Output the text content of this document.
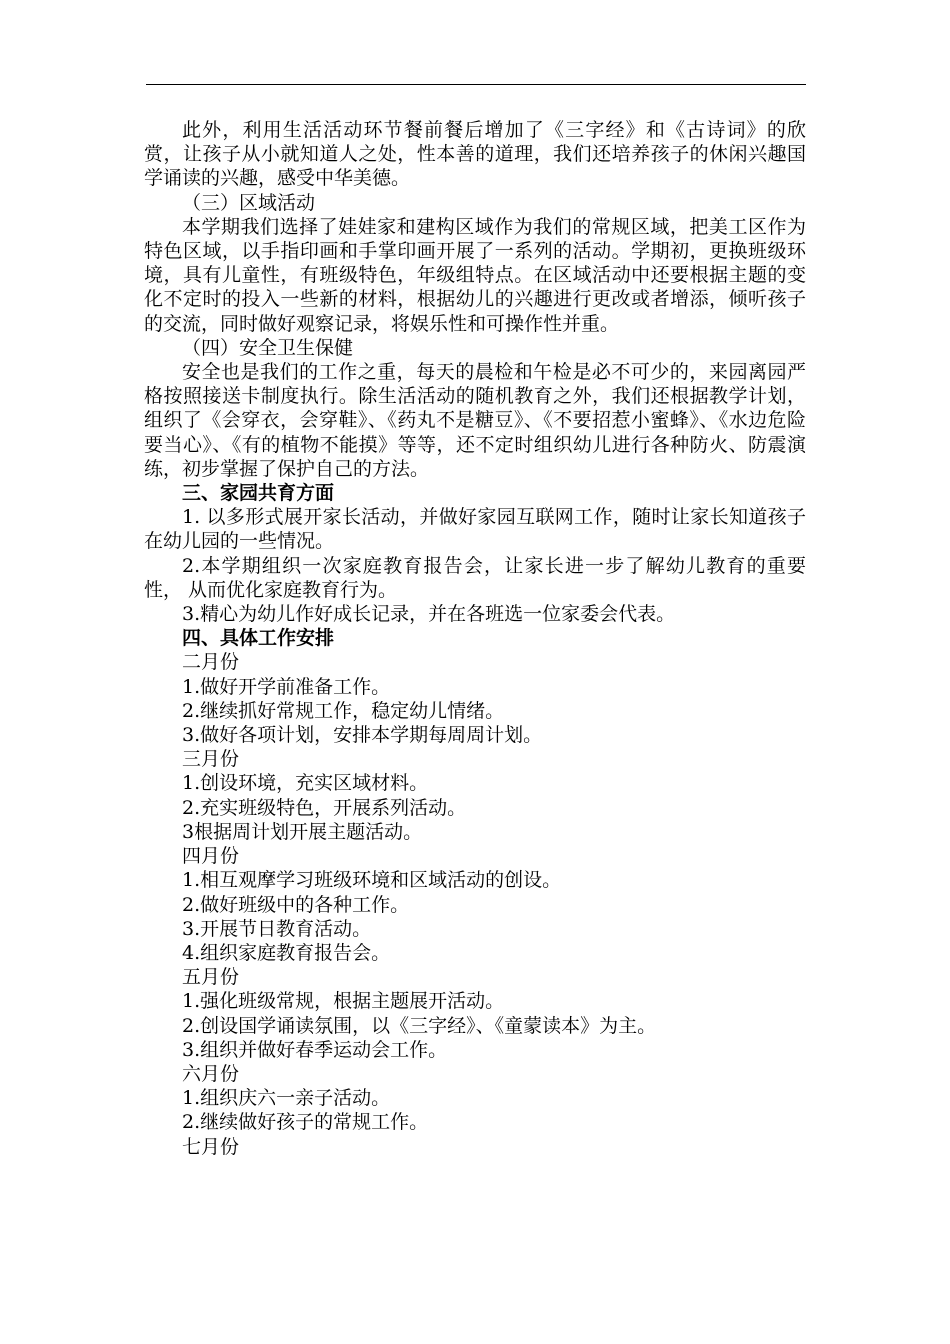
此外，利用生活活动环节餐前餐后增加了《三字经》和《古诗词》的欣赏，让孩子从小就知道人之处，性本善的道理，我们还培养孩子的休闲兴趣国学诵读的兴趣，感受中华美德。

（三）区域活动

本学期我们选择了娃娃家和建构区域作为我们的常规区域，把美工区作为特色区域，以手指印画和手掌印画开展了一系列的活动。学期初，更换班级环境，具有儿童性，有班级特色，年级组特点。在区域活动中还要根据主题的变化不定时的投入一些新的材料，根据幼儿的兴趣进行更改或者增添，倾听孩子的交流，同时做好观察记录，将娱乐性和可操作性并重。

（四）安全卫生保健

安全也是我们的工作之重，每天的晨检和午检是必不可少的，来园离园严格按照接送卡制度执行。除生活活动的随机教育之外，我们还根据教学计划，组织了《会穿衣，会穿鞋》、《药丸不是糖豆》、《不要招惹小蜜蜂》、《水边危险要当心》、《有的植物不能摸》等等，还不定时组织幼儿进行各种防火、防震演练，初步掌握了保护自己的方法。

三、家园共育方面

1. 以多形式展开家长活动，并做好家园互联网工作，随时让家长知道孩子在幼儿园的一些情况。

2.本学期组织一次家庭教育报告会，让家长进一步了解幼儿教育的重要性， 从而优化家庭教育行为。

3.精心为幼儿作好成长记录，并在各班选一位家委会代表。

四、具体工作安排

二月份

1.做好开学前准备工作。

2.继续抓好常规工作，稳定幼儿情绪。

3.做好各项计划，安排本学期每周周计划。

三月份

1.创设环境，充实区域材料。

2.充实班级特色，开展系列活动。

3根据周计划开展主题活动。

四月份

1.相互观摩学习班级环境和区域活动的创设。

2.做好班级中的各种工作。

3.开展节日教育活动。

4.组织家庭教育报告会。

五月份

1.强化班级常规，根据主题展开活动。

2.创设国学诵读氛围，以《三字经》、《童蒙读本》为主。

3.组织并做好春季运动会工作。

六月份

1.组织庆六一亲子活动。

2.继续做好孩子的常规工作。

七月份
